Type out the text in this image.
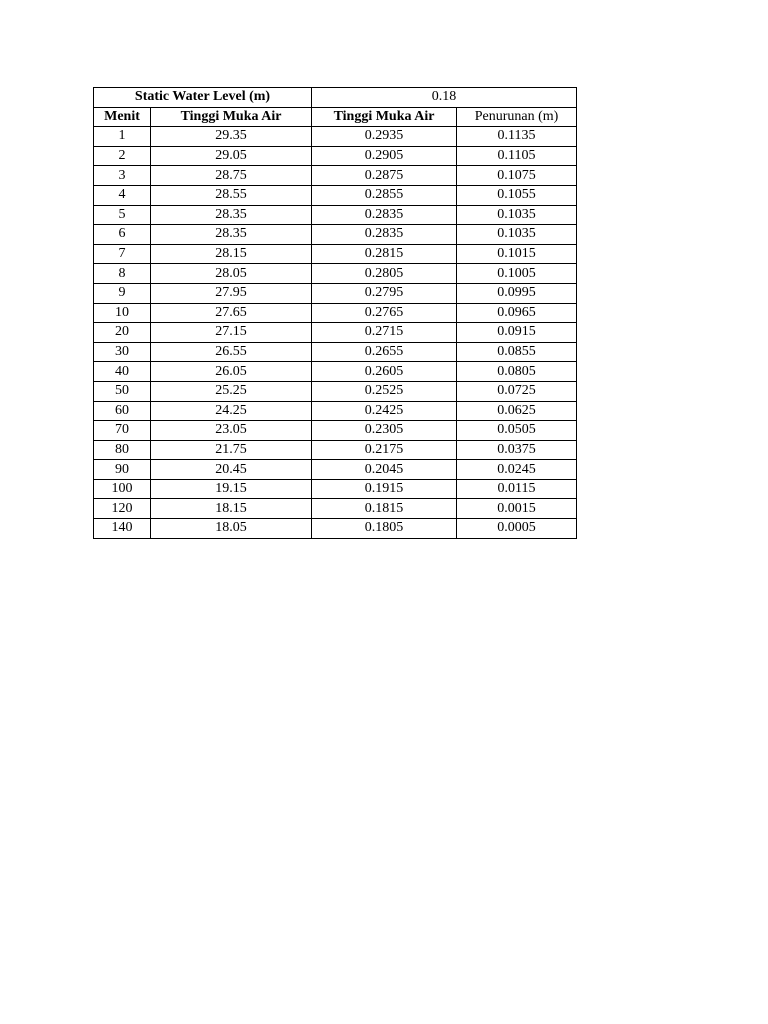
Static Water Level (m)		0.18	
Menit	Tinggi Muka Air	Tinggi Muka Air	Penurunan (m)
1	29.35	0.2935	0.1135
2	29.05	0.2905	0.1105
3	28.75	0.2875	0.1075
4	28.55	0.2855	0.1055
5	28.35	0.2835	0.1035
6	28.35	0.2835	0.1035
7	28.15	0.2815	0.1015
8	28.05	0.2805	0.1005
9	27.95	0.2795	0.0995
10	27.65	0.2765	0.0965
20	27.15	0.2715	0.0915
30	26.55	0.2655	0.0855
40	26.05	0.2605	0.0805
50	25.25	0.2525	0.0725
60	24.25	0.2425	0.0625
70	23.05	0.2305	0.0505
80	21.75	0.2175	0.0375
90	20.45	0.2045	0.0245
100	19.15	0.1915	0.0115
120	18.15	0.1815	0.0015
140	18.05	0.1805	0.0005
